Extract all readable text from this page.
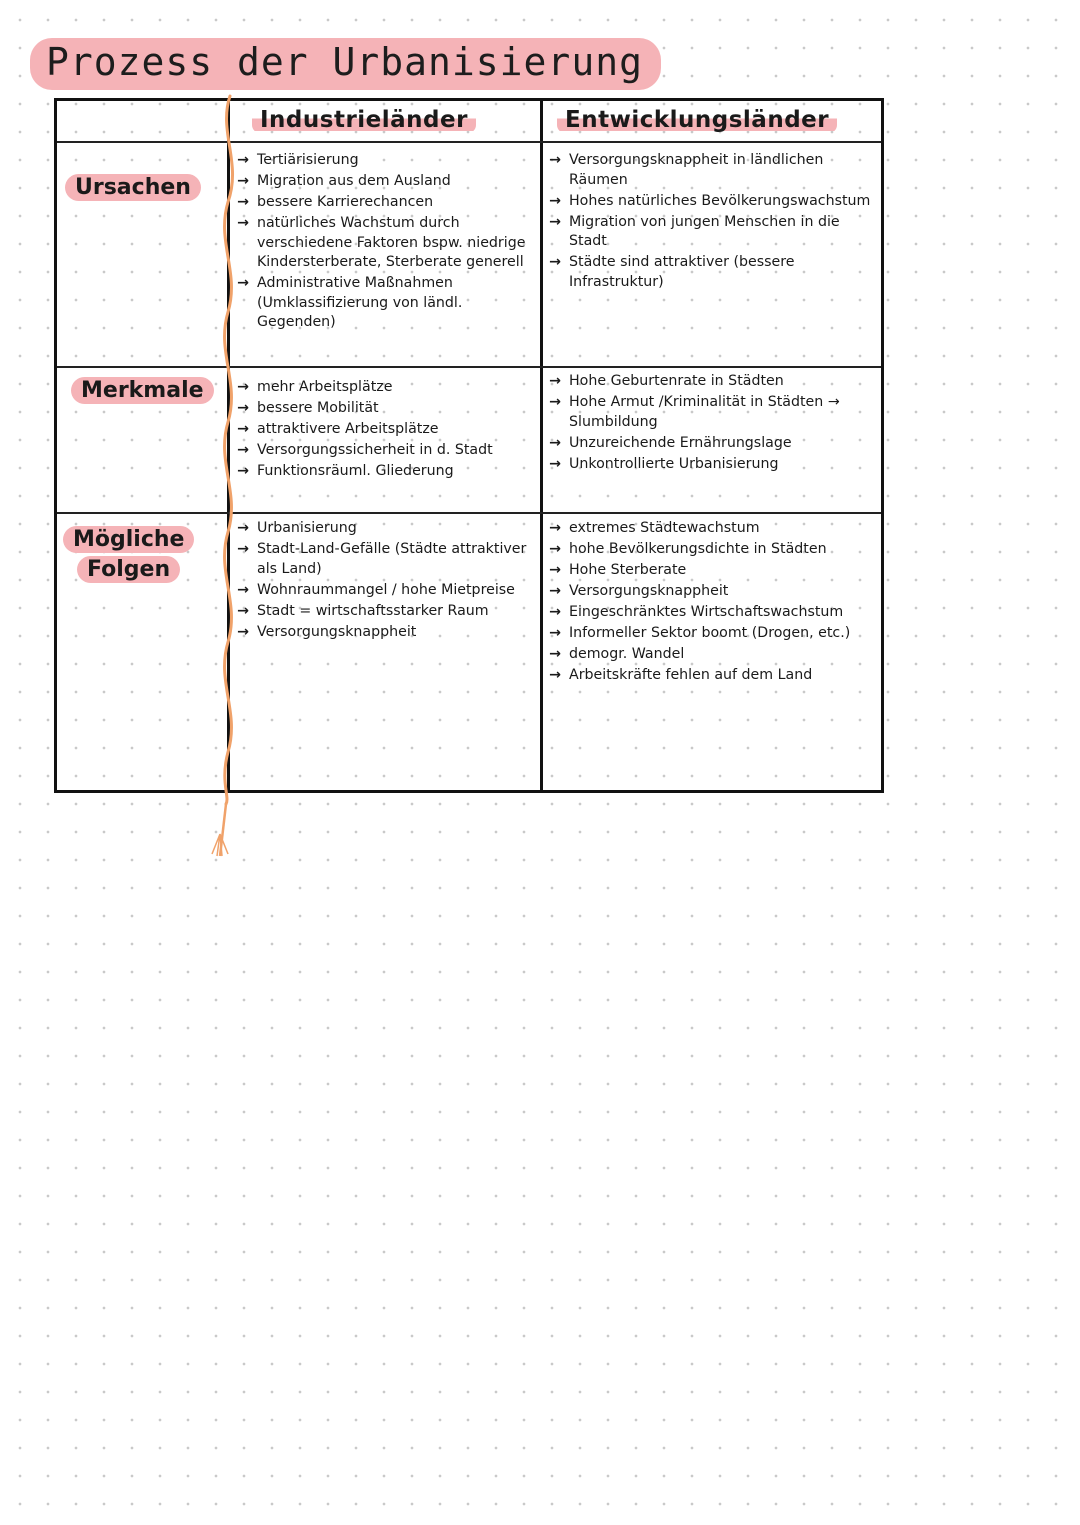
Prozess der Urbanisierung
Industrieländer	Entwicklungsländer
Ursachen
Merkmale
Mögliche
Folgen
→ Tertiärisierung
→ Migration aus dem Ausland
→ bessere Karrierechancen
→ natürliches Wachstum durch verschiedene Faktoren bspw. niedrige Kindersterberate, Sterberate generell
→ Administrative Maßnahmen (Umklassifizierung von ländl. Gegenden)
→ Versorgungsknappheit in ländlichen Räumen
→ Hohes natürliches Bevölkerungswachstum
→ Migration von jungen Menschen in die Stadt
→ Städte sind attraktiver (bessere Infrastruktur)
→ mehr Arbeitsplätze
→ bessere Mobilität
→ attraktivere Arbeitsplätze
→ Versorgungssicherheit in d. Stadt
→ Funktionsräuml. Gliederung
→ Hohe Geburtenrate in Städten
→ Hohe Armut /Kriminalität in Städten → Slumbildung
→ Unzureichende Ernährungslage
→ Unkontrollierte Urbanisierung
→ Urbanisierung
→ Stadt-Land-Gefälle (Städte attraktiver als Land)
→ Wohnraummangel / hohe Mietpreise
→ Stadt = wirtschaftsstarker Raum
→ Versorgungsknappheit
→ extremes Städtewachstum
→ hohe Bevölkerungsdichte in Städten
→ Hohe Sterberate
→ Versorgungsknappheit
→ Eingeschränktes Wirtschaftswachstum
→ Informeller Sektor boomt (Drogen, etc.)
→ demogr. Wandel
→ Arbeitskräfte fehlen auf dem Land
